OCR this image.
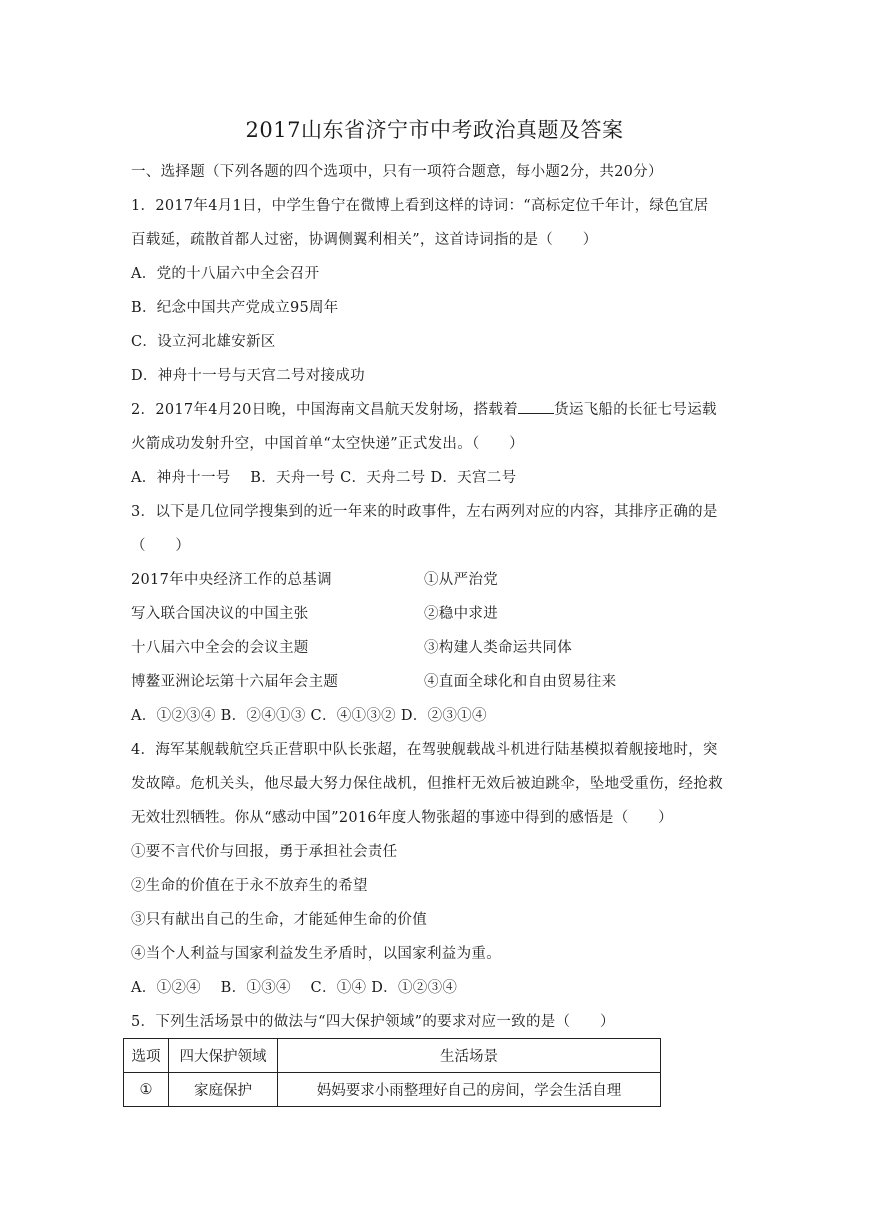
2017山东省济宁市中考政治真题及答案
一、选择题（下列各题的四个选项中，只有一项符合题意，每小题2分，共20分）
1．2017年4月1日，中学生鲁宁在微博上看到这样的诗词：“高标定位千年计，绿色宜居
百载延，疏散首都人过密，协调侧翼利相关”，这首诗词指的是（　　）
A．党的十八届六中全会召开
B．纪念中国共产党成立95周年
C．设立河北雄安新区
D．神舟十一号与天宫二号对接成功
2．2017年4月20日晚，中国海南文昌航天发射场，搭载着 货运飞船的长征七号运载
火箭成功发射升空，中国首单“太空快递”正式发出。（　　）
A．神舟十一号　 B．天舟一号 C．天舟二号 D．天宫二号
3．以下是几位同学搜集到的近一年来的时政事件，左右两列对应的内容，其排序正确的是
（　　）
2017年中央经济工作的总基调	①从严治党
写入联合国决议的中国主张	②稳中求进
十八届六中全会的会议主题	③构建人类命运共同体
博鳌亚洲论坛第十六届年会主题	④直面全球化和自由贸易往来
A．①②③④ B．②④①③ C．④①③② D．②③①④
4．海军某舰载航空兵正营职中队长张超，在驾驶舰载战斗机进行陆基模拟着舰接地时，突
发故障。危机关头，他尽最大努力保住战机，但推杆无效后被迫跳伞，坠地受重伤，经抢救
无效壮烈牺牲。你从“感动中国”2016年度人物张超的事迹中得到的感悟是（　　）
①要不言代价与回报，勇于承担社会责任
②生命的价值在于永不放弃生的希望
③只有献出自己的生命，才能延伸生命的价值
④当个人利益与国家利益发生矛盾时，以国家利益为重。
A．①②④　 B．①③④　 C．①④ D．①②③④
5．下列生活场景中的做法与“四大保护领域”的要求对应一致的是（　　）
选项	四大保护领域	生活场景
①	家庭保护	妈妈要求小雨整理好自己的房间，学会生活自理
